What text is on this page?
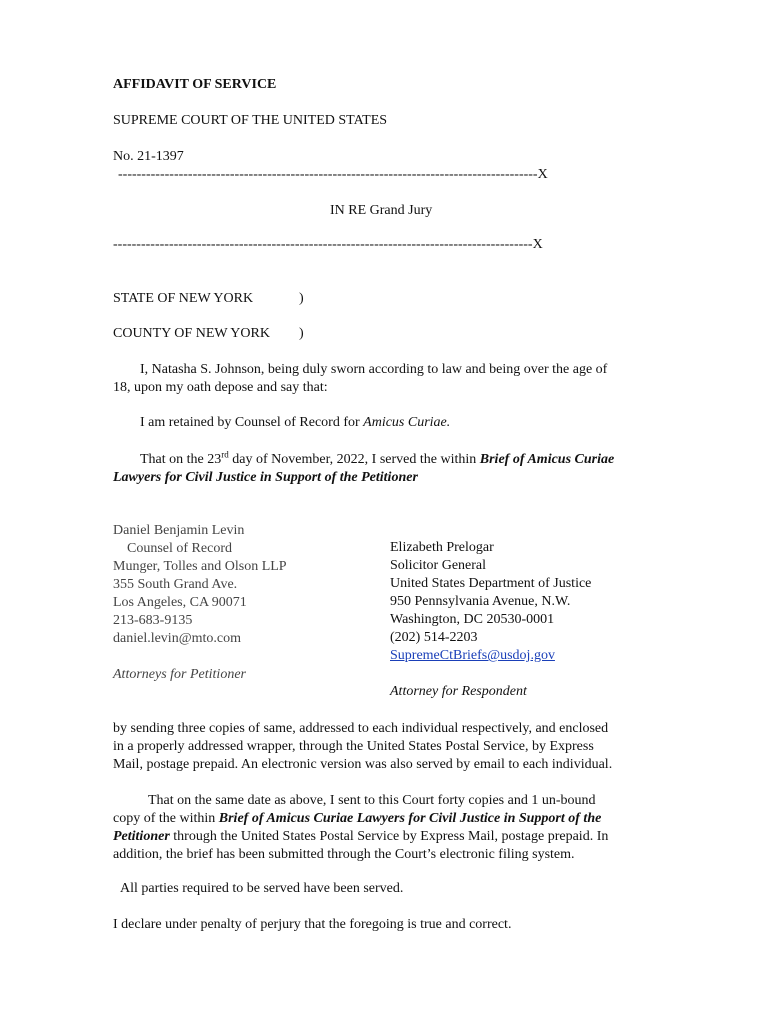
AFFIDAVIT OF SERVICE
SUPREME COURT OF THE UNITED STATES
No. 21-1397
------------------------------------------------------------------------------------------X
IN RE Grand Jury
------------------------------------------------------------------------------------------X
STATE OF NEW YORK	)
COUNTY OF NEW YORK )
I, Natasha S. Johnson, being duly sworn according to law and being over the age of
18, upon my oath depose and say that:
I am retained by Counsel of Record for Amicus Curiae.
That on the 23rd day of November, 2022, I served the within Brief of Amicus Curiae
Lawyers for Civil Justice in Support of the Petitioner
Daniel Benjamin Levin
Counsel of Record
Munger, Tolles and Olson LLP
355 South Grand Ave.
Los Angeles, CA 90071
213-683-9135
daniel.levin@mto.com
Attorneys for Petitioner
Elizabeth Prelogar
Solicitor General
United States Department of Justice
950 Pennsylvania Avenue, N.W.
Washington, DC 20530-0001
(202) 514-2203
SupremeCtBriefs@usdoj.gov
Attorney for Respondent
by sending three copies of same, addressed to each individual respectively, and enclosed
in a properly addressed wrapper, through the United States Postal Service, by Express
Mail, postage prepaid. An electronic version was also served by email to each individual.
That on the same date as above, I sent to this Court forty copies and 1 un-bound
copy of the within Brief of Amicus Curiae Lawyers for Civil Justice in Support of the
Petitioner through the United States Postal Service by Express Mail, postage prepaid. In
addition, the brief has been submitted through the Court’s electronic filing system.
All parties required to be served have been served.
I declare under penalty of perjury that the foregoing is true and correct.
